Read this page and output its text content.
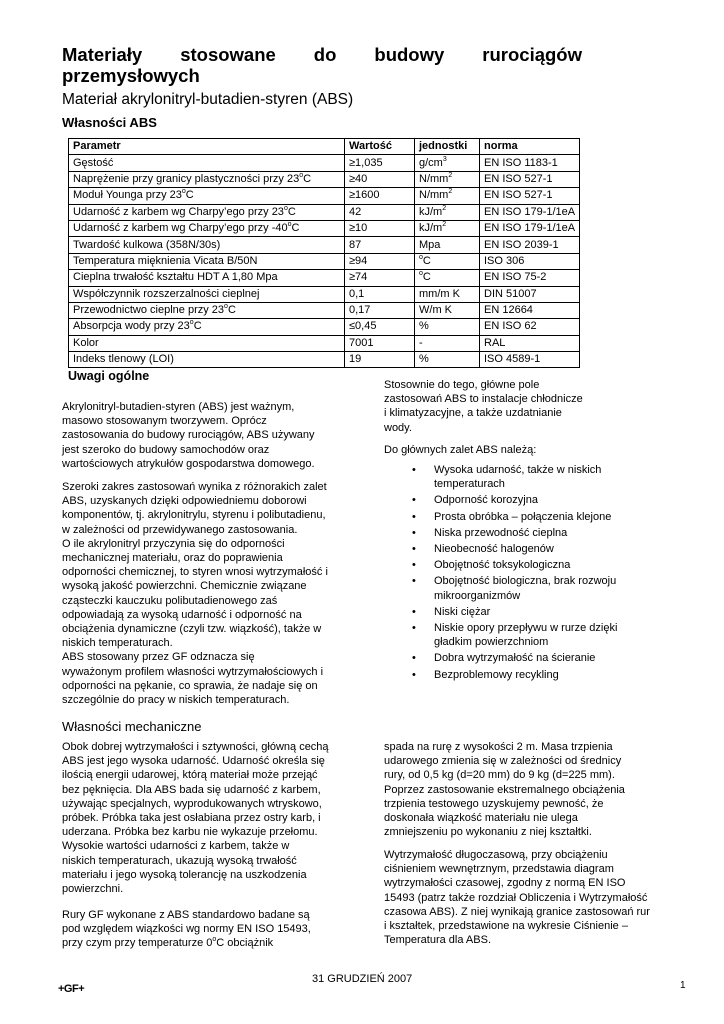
Materiały stosowane do budowy rurociągów przemysłowych
Materiał akrylonitryl-butadien-styren (ABS)
Własności ABS
Parametr	Wartość	jednostki	norma
Gęstość	≥1,035	$g/cm^3$	EN ISO 1183-1
Naprężenie przy granicy plastyczności przy $23^oC$	≥40	$N/mm^2$	EN ISO 527-1
Moduł Younga przy $23^oC$	≥1600	$N/mm^2$	EN ISO 527-1
Udarność z karbem wg Charpy’ego przy 23$^o$C	42	$kJ/m^2$	EN ISO 179-1/1eA
Udarność z karbem wg Charpy’ego przy $-40^oC$	≥10	$kJ/m^2$	EN ISO 179-1/1eA
Twardość kulkowa (358N/30s)	87	Mpa	EN ISO 2039-1
Temperatura mięknienia Vicata B/50N	≥94	$^o$C	ISO 306
Cieplna trwałość kształtu HDT A 1,80 Mpa	≥74	$^o$C	EN ISO 75-2
Współczynnik rozszerzalności cieplnej	0,1	mm/m K	DIN 51007
Przewodnictwo cieplne przy 23$^o$C	0,17	W/m K	EN 12664
Absorpcja wody przy $23^oC$	≤0,45	%	EN ISO 62
Kolor	7001	-	RAL
Indeks tlenowy (LOI)	19	%	ISO 4589-1
Uwagi ogólne

Akrylonitryl-butadien-styren (ABS) jest ważnym,
masowo stosowanym tworzywem. Oprócz
zastosowania do budowy rurociągów, ABS używany
jest szeroko do budowy samochodów oraz
wartościowych atrykułów gospodarstwa domowego.

Szeroki zakres zastosowań wynika z różnorakich zalet
ABS, uzyskanych dzięki odpowiedniemu doborowi
komponentów, tj. akrylonitrylu, styrenu i polibutadienu,
w zależności od przewidywanego zastosowania.
O ile akrylonitryl przyczynia się do odporności
mechanicznej materiału, oraz do poprawienia
odporności chemicznej, to styren wnosi wytrzymałość i
wysoką jakość powierzchni. Chemicznie związane
cząsteczki kauczuku polibutadienowego zaś
odpowiadają za wysoką udarność i odporność na
obciążenia dynamiczne (czyli tzw. wiązkość), takżе w
niskich temperaturach.
ABS stosowany przez GF odznacza się
wyważonym profilem własności wytrzymałościowych i
odporności na pękanie, co sprawia, że nadaje się on
szczególnie do pracy w niskich temperaturach.

Stosownie do tego, główne pole
zastosowań ABS to instalacje chłodnicze
i klimatyzacyjne, a także uzdatnianie
wody.

Do głównych zalet ABS należą:

• Wysoka udarność, także w niskich
temperaturach
• Odporność korozyjna
• Prosta obróbka – połączenia klejone
• Niska przewodność cieplna
• Nieobecność halogenów
• Obojętność toksykologiczna
• Obojętność biologiczna, brak rozwoju
mikroorganizmów
• Niski ciężar
• Niskie opory przepływu w rurze dzięki
gładkim powierzchniom
• Dobra wytrzymałość na ścieranie
• Bezproblemowy recykling
Własności mechaniczne

Obok dobrej wytrzymałości i sztywności, główną cechą
ABS jest jego wysoka udarność. Udarność określa się
ilością energii udarowej, którą materiał może przejąć
bez pęknięcia. Dla ABS bada się udarność z karbem,
używając specjalnych, wyprodukowanych wtryskowo,
próbek. Próbka taka jest osłabiana przez ostry karb, i
uderzana. Próbka bez karbu nie wykazuje przełomu.
Wysokie wartości udarności z karbem, także w
niskich temperaturach, ukazują wysoką trwałość
materiału i jego wysoką tolerancję na uszkodzenia
powierzchni.

Rury GF wykonane z ABS standardowo badane są
pod względem wiązkości wg normy EN ISO 15493,
przy czym przy temperaturze 0$^o$C obciążnik

spada na rurę z wysokości 2 m. Masa trzpienia
udarowego zmienia się w zależności od średnicy
rury, od 0,5 kg (d=20 mm) do 9 kg (d=225 mm).
Poprzez zastosowanie ekstremalnego obciążenia
trzpienia testowego uzyskujemy pewność, że
doskonała wiązkość materiału nie ulega
zmniejszeniu po wykonaniu z niej kształtki.

Wytrzymałość długoczasową, przy obciążeniu
ciśnieniem wewnętrznym, przedstawia diagram
wytrzymałości czasowej, zgodny z normą EN ISO
15493 (patrz także rozdział Obliczenia i Wytrzymałość
czasowa ABS). Z niej wynikają granice zastosowań rur
i kształtek, przedstawione na wykresie Ciśnienie –
Temperatura dla ABS.

31 GRUDZIEŃ 2007
1
+GF+
